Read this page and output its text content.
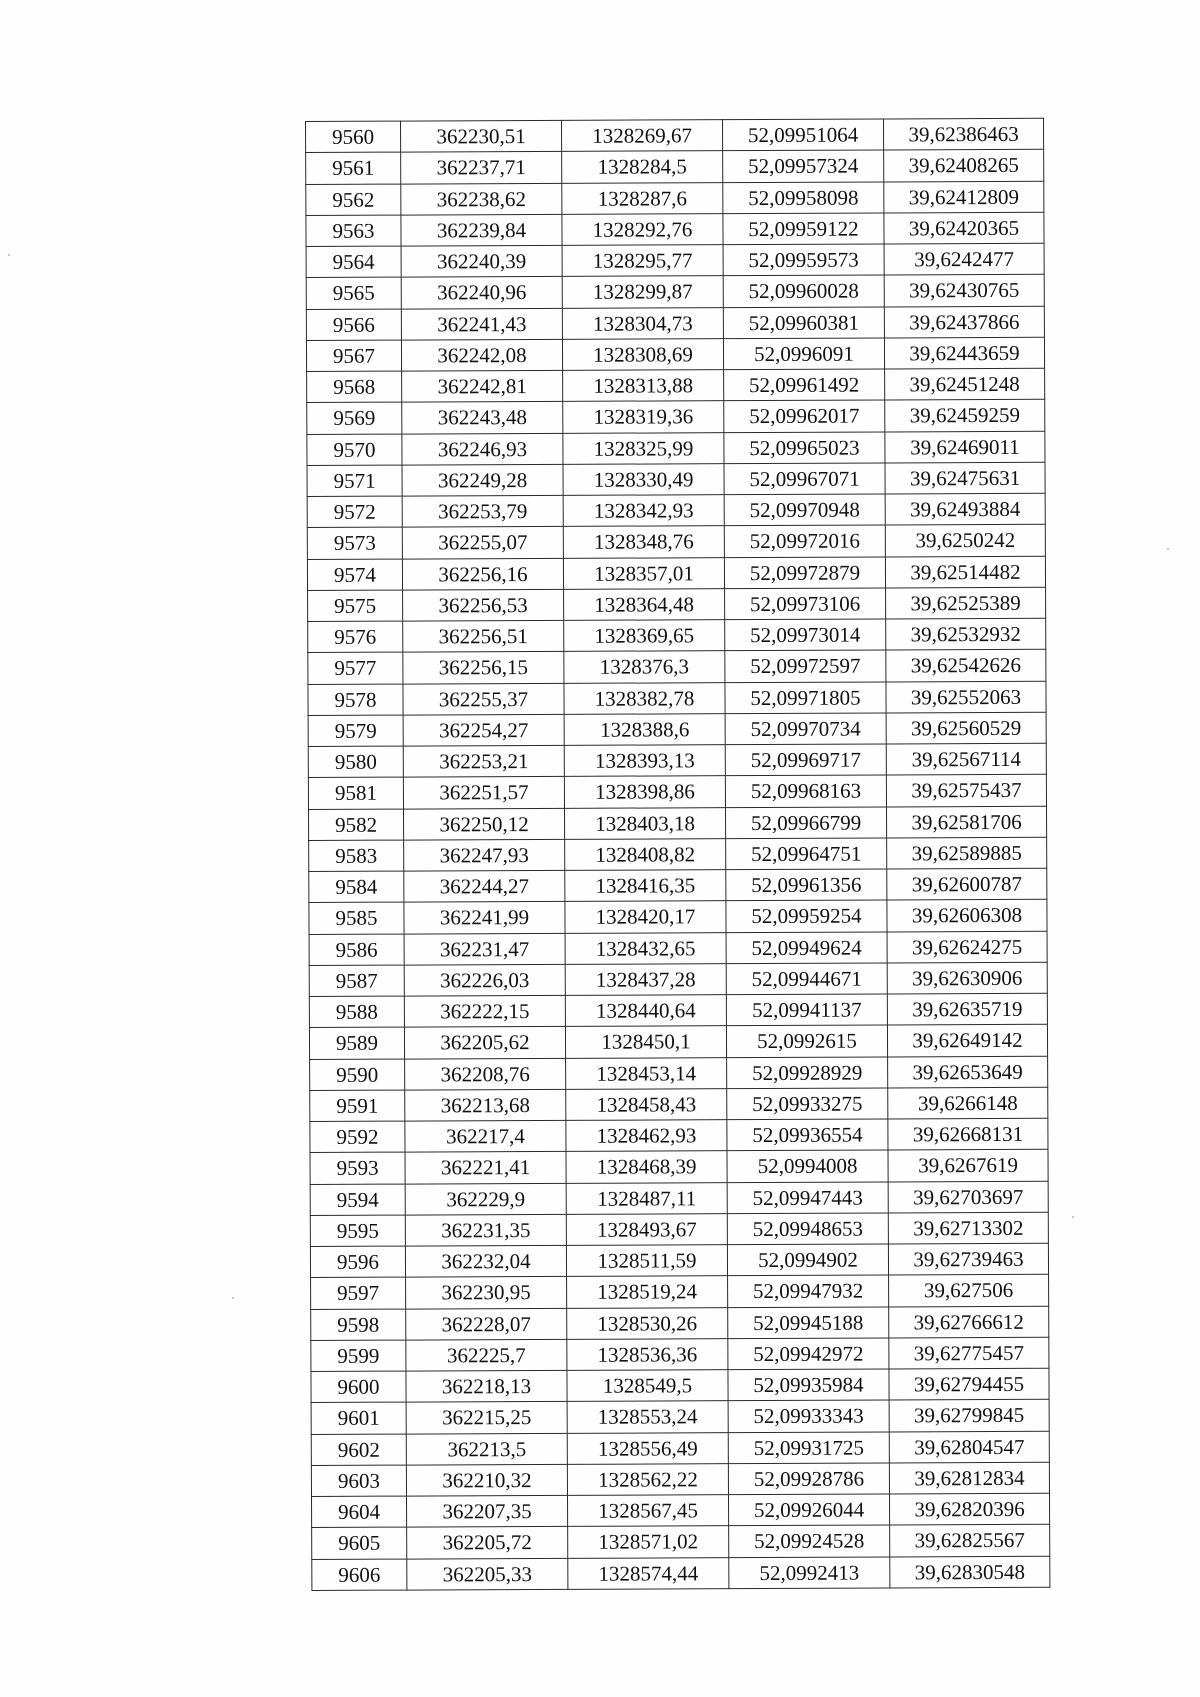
9560	362230,51	1328269,67	52,09951064	39,62386463
9561	362237,71	1328284,5	52,09957324	39,62408265
9562	362238,62	1328287,6	52,09958098	39,62412809
9563	362239,84	1328292,76	52,09959122	39,62420365
9564	362240,39	1328295,77	52,09959573	39,6242477
9565	362240,96	1328299,87	52,09960028	39,62430765
9566	362241,43	1328304,73	52,09960381	39,62437866
9567	362242,08	1328308,69	52,0996091	39,62443659
9568	362242,81	1328313,88	52,09961492	39,62451248
9569	362243,48	1328319,36	52,09962017	39,62459259
9570	362246,93	1328325,99	52,09965023	39,62469011
9571	362249,28	1328330,49	52,09967071	39,62475631
9572	362253,79	1328342,93	52,09970948	39,62493884
9573	362255,07	1328348,76	52,09972016	39,6250242
9574	362256,16	1328357,01	52,09972879	39,62514482
9575	362256,53	1328364,48	52,09973106	39,62525389
9576	362256,51	1328369,65	52,09973014	39,62532932
9577	362256,15	1328376,3	52,09972597	39,62542626
9578	362255,37	1328382,78	52,09971805	39,62552063
9579	362254,27	1328388,6	52,09970734	39,62560529
9580	362253,21	1328393,13	52,09969717	39,62567114
9581	362251,57	1328398,86	52,09968163	39,62575437
9582	362250,12	1328403,18	52,09966799	39,62581706
9583	362247,93	1328408,82	52,09964751	39,62589885
9584	362244,27	1328416,35	52,09961356	39,62600787
9585	362241,99	1328420,17	52,09959254	39,62606308
9586	362231,47	1328432,65	52,09949624	39,62624275
9587	362226,03	1328437,28	52,09944671	39,62630906
9588	362222,15	1328440,64	52,09941137	39,62635719
9589	362205,62	1328450,1	52,0992615	39,62649142
9590	362208,76	1328453,14	52,09928929	39,62653649
9591	362213,68	1328458,43	52,09933275	39,6266148
9592	362217,4	1328462,93	52,09936554	39,62668131
9593	362221,41	1328468,39	52,0994008	39,6267619
9594	362229,9	1328487,11	52,09947443	39,62703697
9595	362231,35	1328493,67	52,09948653	39,62713302
9596	362232,04	1328511,59	52,0994902	39,62739463
9597	362230,95	1328519,24	52,09947932	39,627506
9598	362228,07	1328530,26	52,09945188	39,62766612
9599	362225,7	1328536,36	52,09942972	39,62775457
9600	362218,13	1328549,5	52,09935984	39,62794455
9601	362215,25	1328553,24	52,09933343	39,62799845
9602	362213,5	1328556,49	52,09931725	39,62804547
9603	362210,32	1328562,22	52,09928786	39,62812834
9604	362207,35	1328567,45	52,09926044	39,62820396
9605	362205,72	1328571,02	52,09924528	39,62825567
9606	362205,33	1328574,44	52,0992413	39,62830548
